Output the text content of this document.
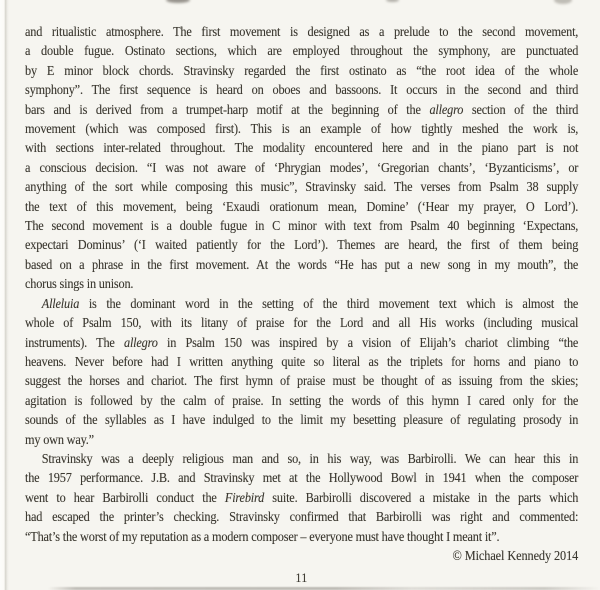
and ritualistic atmosphere. The first movement is designed as a prelude to the second movement,
a double fugue. Ostinato sections, which are employed throughout the symphony, are punctuated
by E minor block chords. Stravinsky regarded the first ostinato as “the root idea of the whole
symphony”. The first sequence is heard on oboes and bassoons. It occurs in the second and third
bars and is derived from a trumpet-harp motif at the beginning of the allegro section of the third
movement (which was composed first). This is an example of how tightly meshed the work is,
with sections inter-related throughout. The modality encountered here and in the piano part is not
a conscious decision. “I was not aware of ‘Phrygian modes’, ‘Gregorian chants’, ‘Byzanticisms’, or
anything of the sort while composing this music”, Stravinsky said. The verses from Psalm 38 supply
the text of this movement, being ‘Exaudi orationum mean, Domine’ (‘Hear my prayer, O Lord’).
The second movement is a double fugue in C minor with text from Psalm 40 beginning ‘Expectans,
expectari Dominus’ (‘I waited patiently for the Lord’). Themes are heard, the first of them being
based on a phrase in the first movement. At the words “He has put a new song in my mouth”, the
chorus sings in unison.
Alleluia is the dominant word in the setting of the third movement text which is almost the
whole of Psalm 150, with its litany of praise for the Lord and all His works (including musical
instruments). The allegro in Psalm 150 was inspired by a vision of Elijah’s chariot climbing “the
heavens. Never before had I written anything quite so literal as the triplets for horns and piano to
suggest the horses and chariot. The first hymn of praise must be thought of as issuing from the skies;
agitation is followed by the calm of praise. In setting the words of this hymn I cared only for the
sounds of the syllables as I have indulged to the limit my besetting pleasure of regulating prosody in
my own way.”
Stravinsky was a deeply religious man and so, in his way, was Barbirolli. We can hear this in
the 1957 performance. J.B. and Stravinsky met at the Hollywood Bowl in 1941 when the composer
went to hear Barbirolli conduct the Firebird suite. Barbirolli discovered a mistake in the parts which
had escaped the printer’s checking. Stravinsky confirmed that Barbirolli was right and commented:
“That’s the worst of my reputation as a modern composer – everyone must have thought I meant it”.
© Michael Kennedy 2014
11
